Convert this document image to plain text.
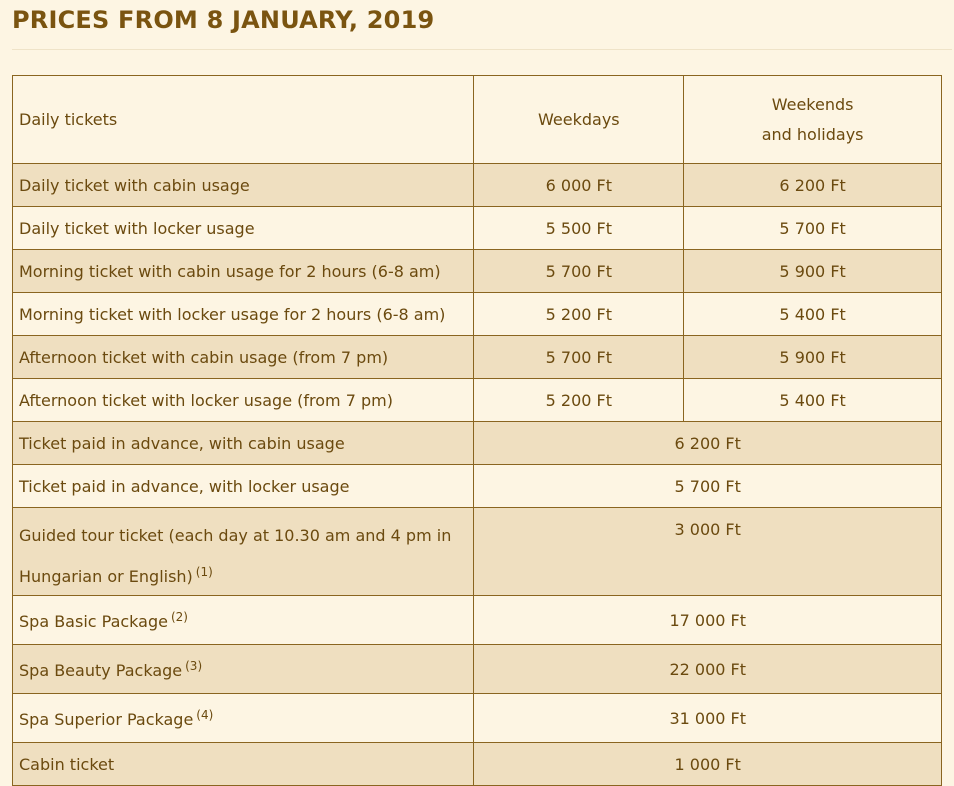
PRICES FROM 8 JANUARY, 2019
Daily tickets	Weekdays	Weekends
and holidays
Daily ticket with cabin usage	6 000 Ft	6 200 Ft
Daily ticket with locker usage	5 500 Ft	5 700 Ft
Morning ticket with cabin usage for 2 hours (6-8 am)	5 700 Ft	5 900 Ft
Morning ticket with locker usage for 2 hours (6-8 am)	5 200 Ft	5 400 Ft
Afternoon ticket with cabin usage (from 7 pm)	5 700 Ft	5 900 Ft
Afternoon ticket with locker usage (from 7 pm)	5 200 Ft	5 400 Ft
Ticket paid in advance, with cabin usage	6 200 Ft	
Ticket paid in advance, with locker usage	5 700 Ft	
Guided tour ticket (each day at 10.30 am and 4 pm in Hungarian or English) $^{(1)}$	3 000 Ft	
Spa Basic Package $^{(2)}$	17 000 Ft	
Spa Beauty Package $^{(3)}$	22 000 Ft	
Spa Superior Package $^{(4)}$	31 000 Ft	
Cabin ticket	1 000 Ft	
